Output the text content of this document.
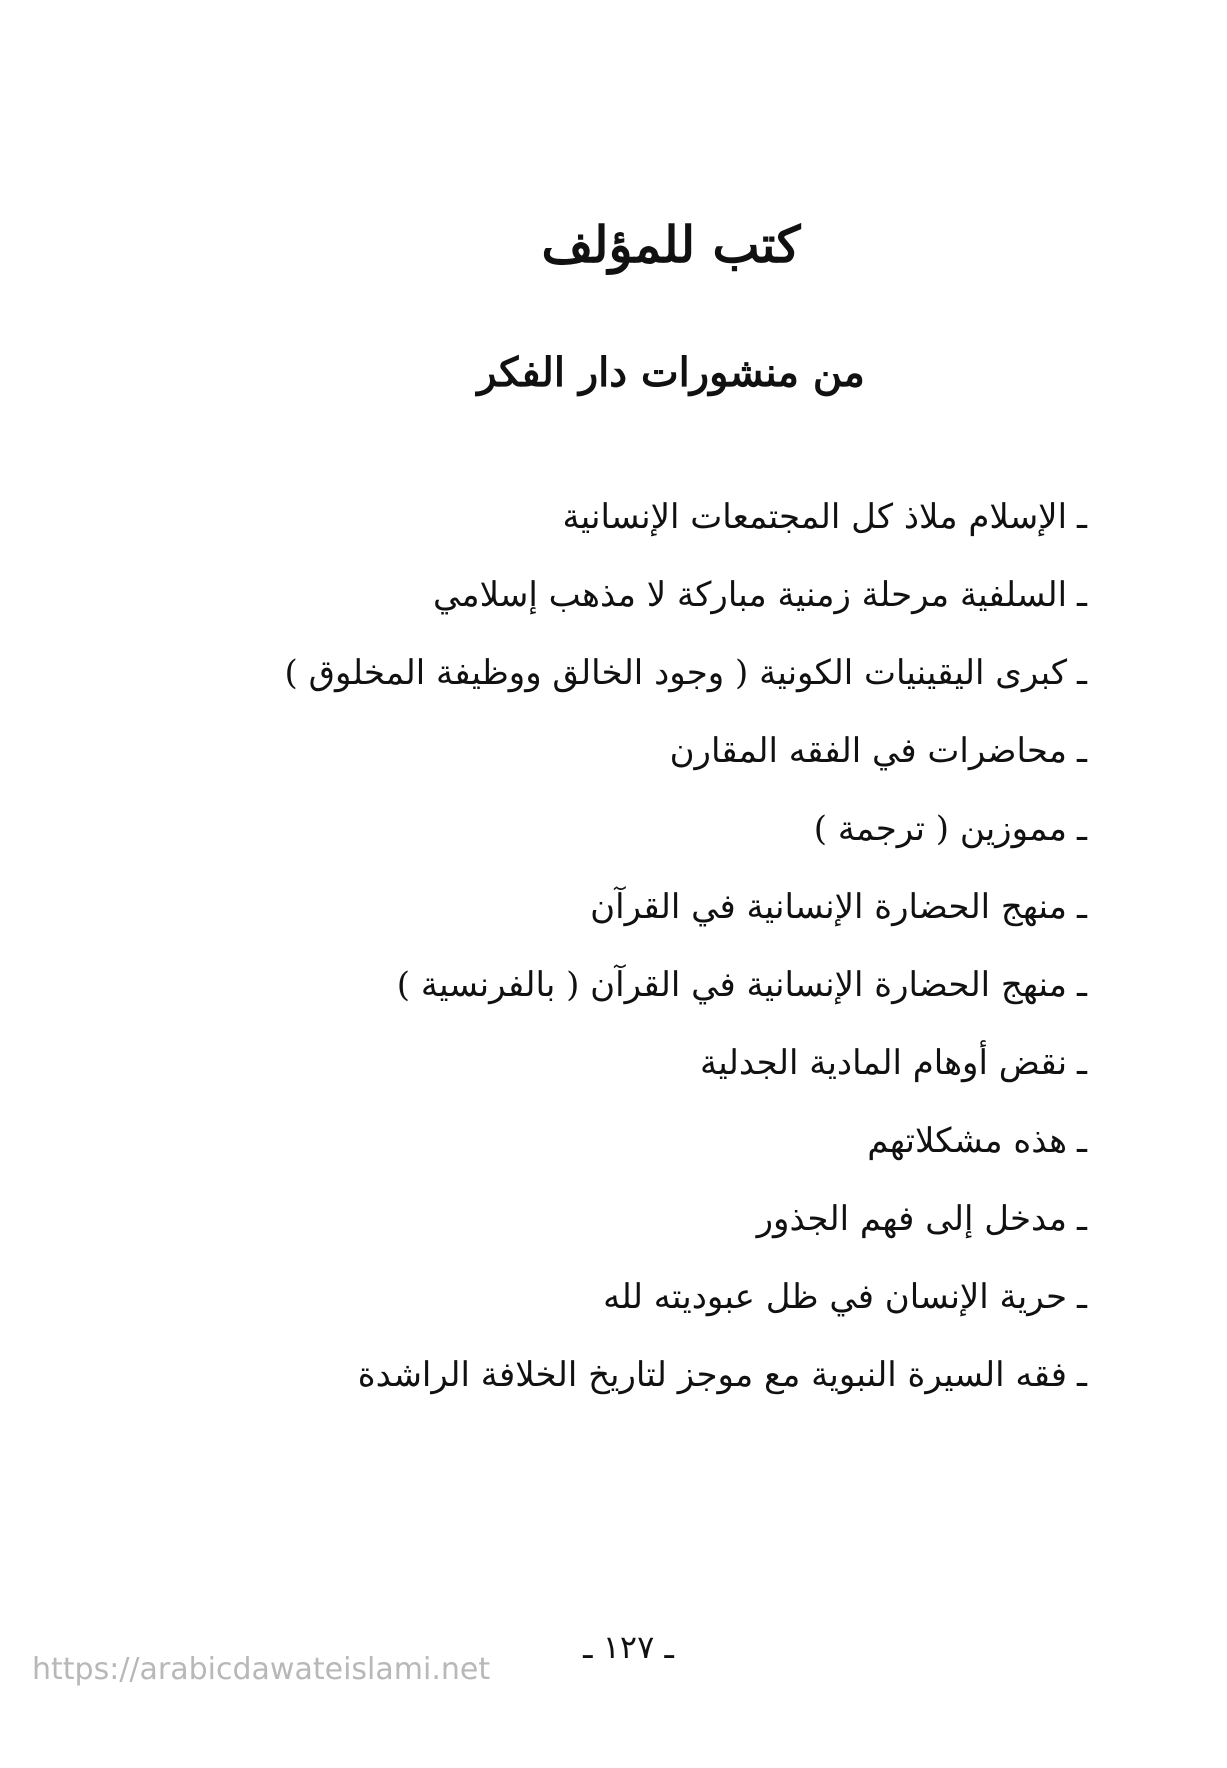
كتب للمؤلف
من منشورات دار الفكر
ـالإسلام ملاذ كل المجتمعات الإنسانية
ـالسلفية مرحلة زمنية مباركة لا مذهب إسلامي
ـكبرى اليقينيات الكونية ( وجود الخالق ووظيفة المخلوق )
ـمحاضرات في الفقه المقارن
ـمموزين ( ترجمة )
ـمنهج الحضارة الإنسانية في القرآن
ـمنهج الحضارة الإنسانية في القرآن ( بالفرنسية )
ـنقض أوهام المادية الجدلية
ـهذه مشكلاتهم
ـمدخل إلى فهم الجذور
ـحرية الإنسان في ظل عبوديته لله
ـفقه السيرة النبوية مع موجز لتاريخ الخلافة الراشدة
ـ ١٢٧ ـ
https://arabicdawateislami.net
